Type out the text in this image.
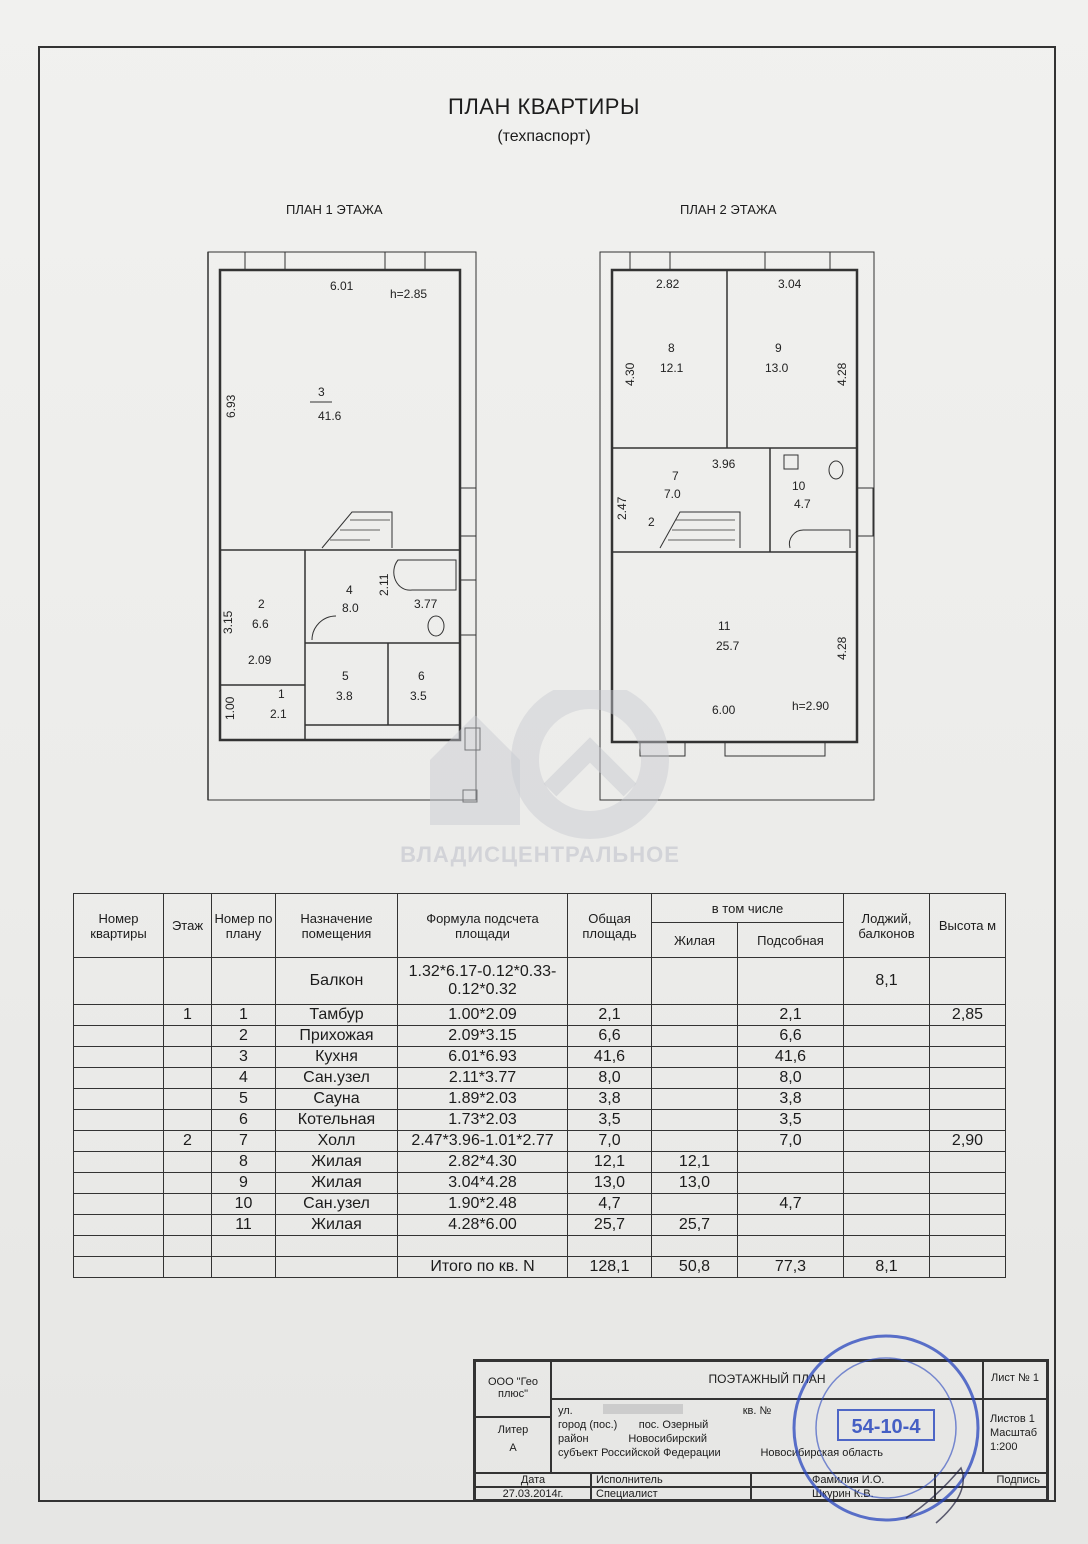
ПЛАН КВАРТИРЫ
(техпаспорт)
ПЛАН 1 ЭТАЖА	ПЛАН 2 ЭТАЖА
6.01
h=2.85
6.93
3
41.6
3.15
2
6.6
2.09
4
8.0
2.11
3.77
5
3.8
6
3.5
1
2.1
1.00
2.82	3.04
4.30
8
12.1
9
13.0	4.28
3.96
7
7.0
2.47
2
10
4.7
11
25.7	4.28
6.00	h=2.90
ВЛАДИСЦЕНТРАЛЬНОЕ
Номер квартиры	Этаж	Номер по плану	Назначение помещения	Формула подсчета площади	Общая площадь	в том числе		Лоджий, балконов	Высота м
						Жилая	Подсобная		
			Балкон	1.32*6.17-0.12*0.33-0.12*0.32				8,1	
	1	1	Тамбур	1.00*2.09	2,1		2,1		2,85
		2	Прихожая	2.09*3.15	6,6		6,6		
		3	Кухня	6.01*6.93	41,6		41,6		
		4	Сан.узел	2.11*3.77	8,0		8,0		
		5	Сауна	1.89*2.03	3,8		3,8		
		6	Котельная	1.73*2.03	3,5		3,5		
	2	7	Холл	2.47*3.96-1.01*2.77	7,0		7,0		2,90
		8	Жилая	2.82*4.30	12,1	12,1			
		9	Жилая	3.04*4.28	13,0	13,0			
		10	Сан.узел	1.90*2.48	4,7		4,7		
		11	Жилая	4.28*6.00	25,7	25,7			

				Итого по кв. N	128,1	50,8	77,3	8,1	
ООО "Гео плюс"
ПОЭТАЖНЫЙ ПЛАН	Лист № 1
Литер
А
ул.	кв. №
город (пос.) пос. Озерный
район	Новосибирский
субъект Российской Федерации	Новосибирская область
Листов 1
Масштаб
1:200
Дата
27.03.2014г.
Исполнитель
Специалист
Фамилия И.О.
Шкурин К.В.
Подпись
54-10-4
